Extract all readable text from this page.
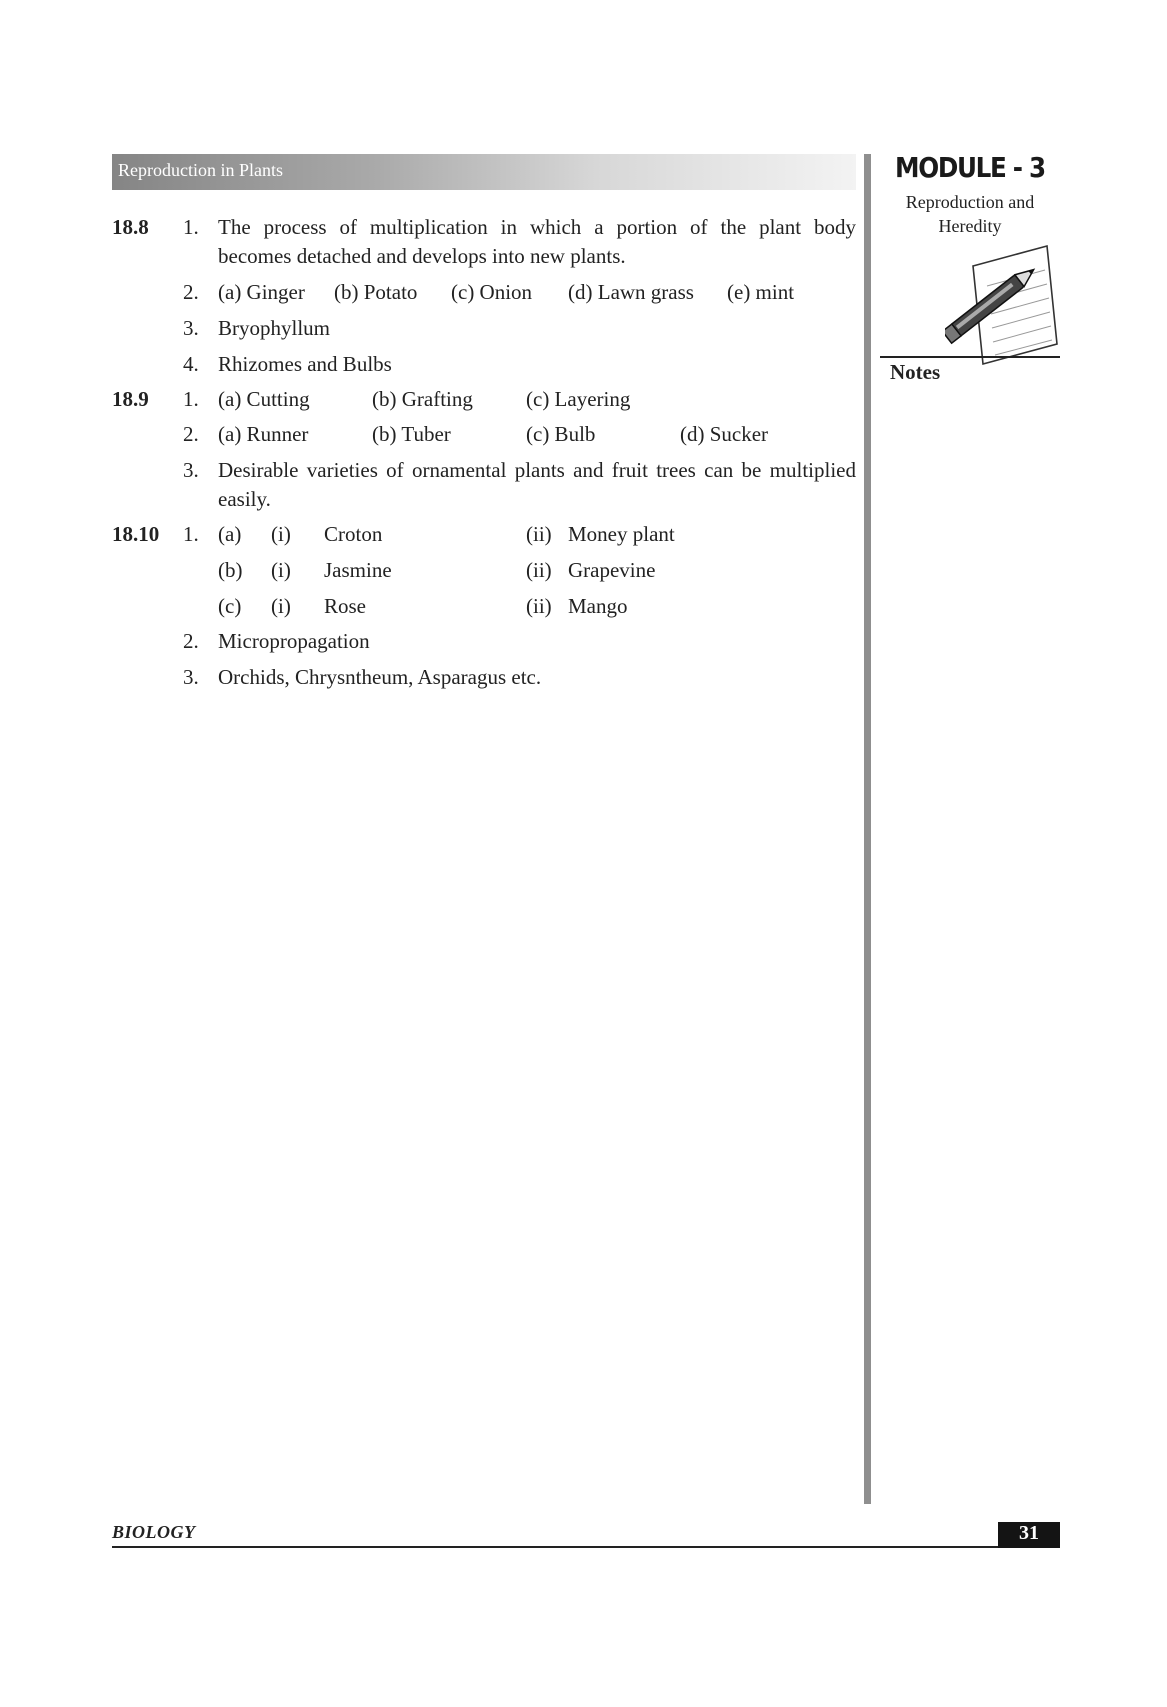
Reproduction in Plants	MODULE - 3
Reproduction and
Heredity
Notes
18.8 1. The process of multiplication in which a portion of the plant body
becomes detached and develops into new plants.
2. (a) Ginger (b) Potato (c) Onion (d) Lawn grass (e) mint
3. Bryophyllum
4. Rhizomes and Bulbs
18.9 1. (a) Cutting	(b) Grafting	(c) Layering
2. (a) Runner	(b) Tuber	(c) Bulb	(d) Sucker
3. Desirable varieties of ornamental plants and fruit trees can be multiplied
easily.
18.10 1. (a) (i) Croton	(ii) Money plant
(b) (i) Jasmine	(ii) Grapevine
(c) (i) Rose	(ii) Mango
2. Micropropagation
3. Orchids, Chrysntheum, Asparagus etc.
BIOLOGY	31
